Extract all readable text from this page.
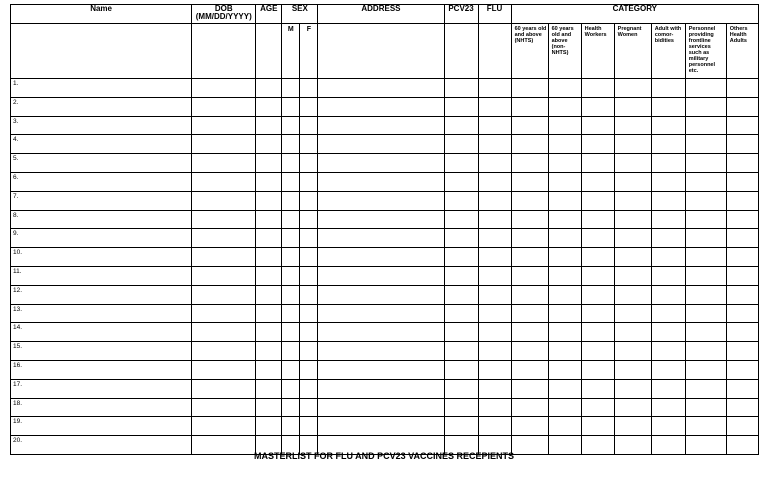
Name	DOB (MM/DD/YYYY)	AGE	SEX		ADDRESS	PCV23	FLU	CATEGORY						
			M	F				60 years old and above (NHTS)	60 years old and above (non-NHTS)	Health Workers	Pregnant Women	Adult with comor-bidities	Personnel providing frontline services such as military personnel etc.	Others Health Adults
1.														
2.														
3.														
4.														
5.														
6.														
7.														
8.														
9.														
10.														
11.														
12.														
13.														
14.														
15.														
16.														
17.														
18.														
19.														
20.														
MASTERLIST FOR FLU AND PCV23 VACCINES RECEPIENTS
